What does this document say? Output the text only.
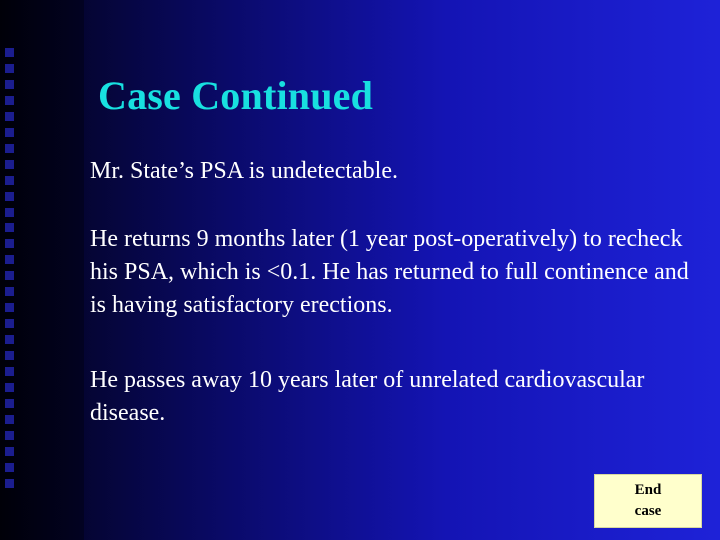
Case Continued

Mr. State’s PSA is undetectable.

He returns 9 months later (1 year post-operatively) to recheck his PSA, which is <0.1. He has returned to full continence and is having satisfactory erections.

He passes away 10 years later of unrelated cardiovascular disease.

End case
